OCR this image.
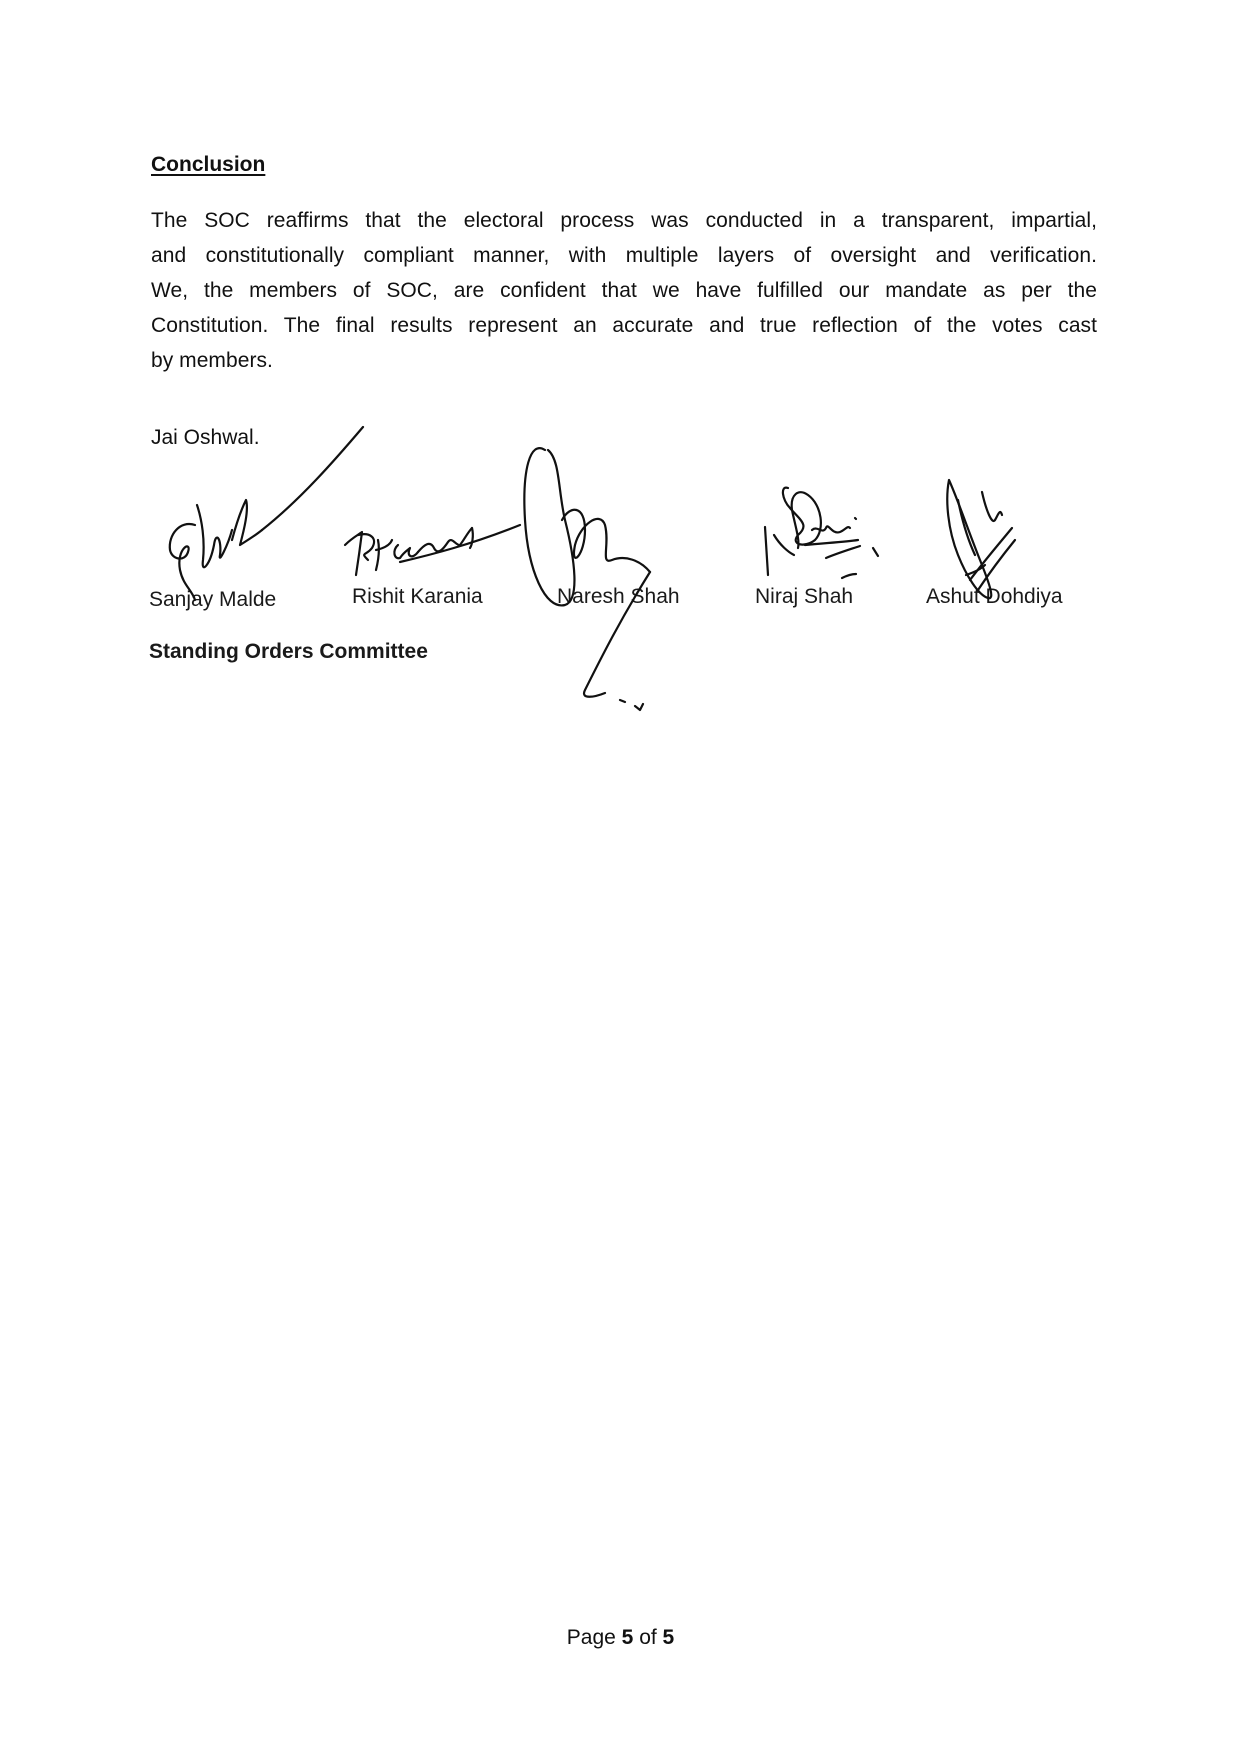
Conclusion
The SOC reaffirms that the electoral process was conducted in a transparent, impartial,
and constitutionally compliant manner, with multiple layers of oversight and verification.
We, the members of SOC, are confident that we have fulfilled our mandate as per the
Constitution. The final results represent an accurate and true reflection of the votes cast
by members.
Jai Oshwal.
Sanjay Malde	Rishit Karania	Naresh Shah	Niraj Shah	Ashut Dohdiya
Standing Orders Committee
Page 5 of 5
